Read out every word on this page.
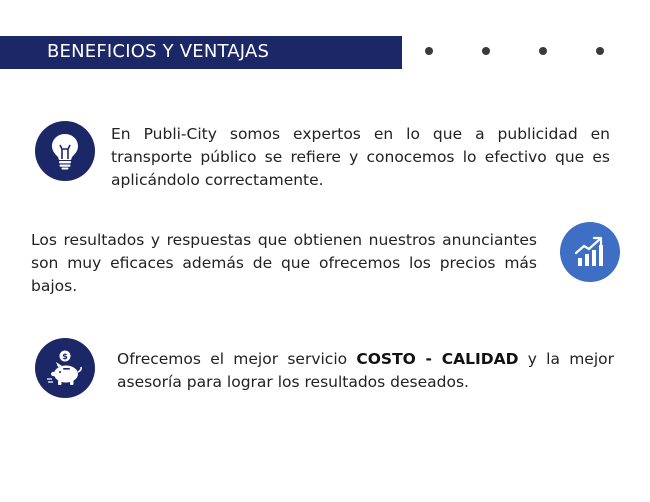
BENEFICIOS Y VENTAJAS
En Publi-City somos expertos en lo que a publicidad en transporte público se refiere y conocemos lo efectivo que es aplicándolo correctamente.
Los resultados y respuestas que obtienen nuestros anunciantes son muy eficaces además de que ofrecemos los precios más bajos.
$	Ofrecemos el mejor servicio COSTO - CALIDAD y la mejor asesoría para lograr los resultados deseados.
